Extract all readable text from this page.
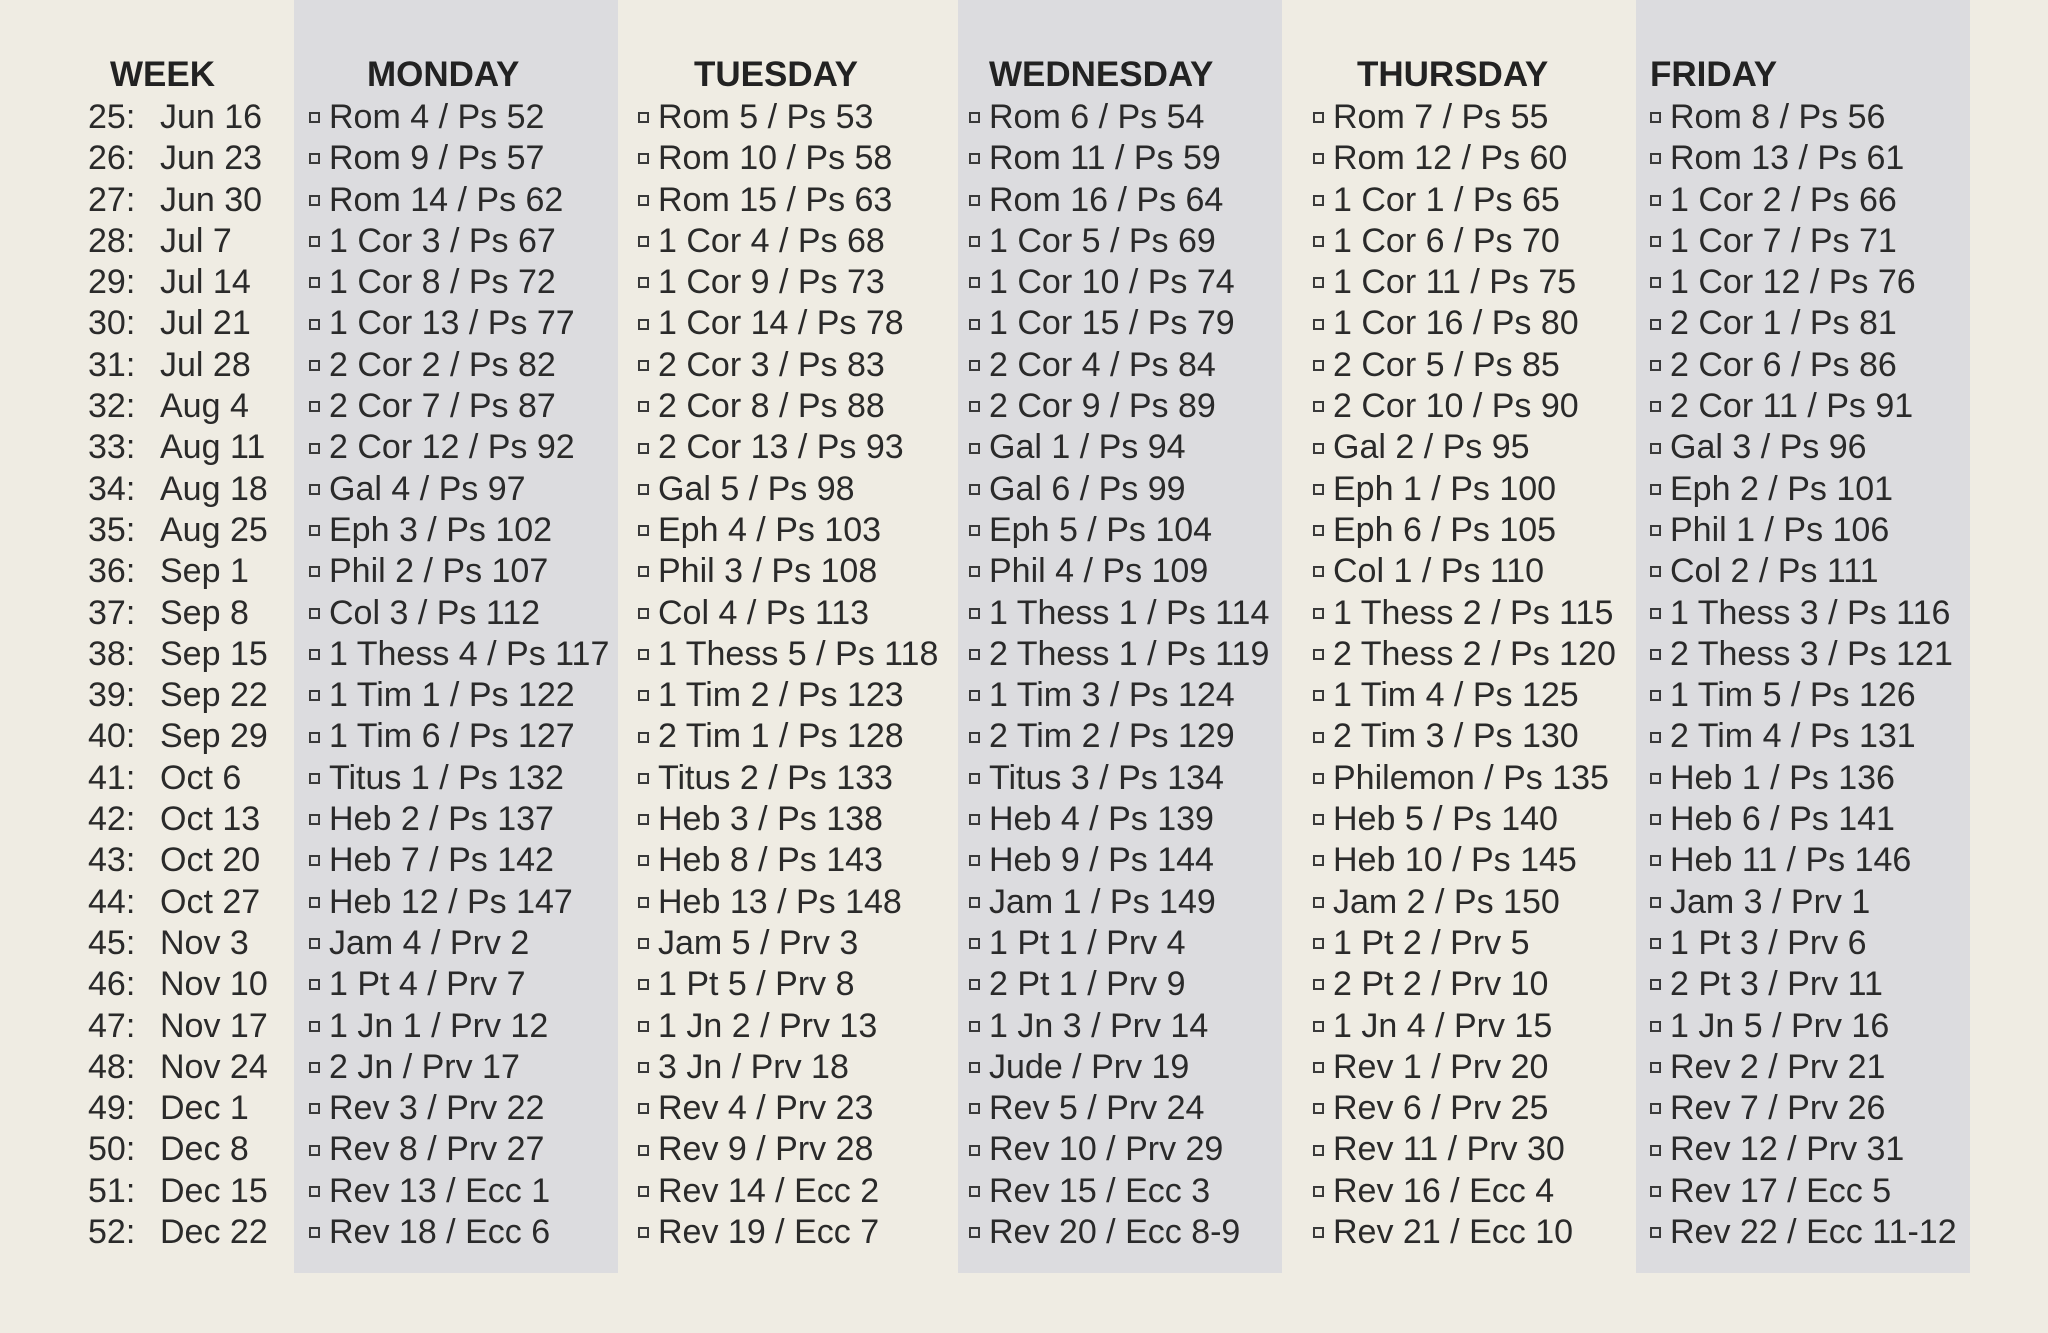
WEEK
25: Jun 16
26: Jun 23
27: Jun 30
28: Jul 7
29: Jul 14
30: Jul 21
31: Jul 28
32: Aug 4
33: Aug 11
34: Aug 18
35: Aug 25
36: Sep 1
37: Sep 8
38: Sep 15
39: Sep 22
40: Sep 29
41: Oct 6
42: Oct 13
43: Oct 20
44: Oct 27
45: Nov 3
46: Nov 10
47: Nov 17
48: Nov 24
49: Dec 1
50: Dec 8
51: Dec 15
52: Dec 22
MONDAY
Rom 4 / Ps 52
Rom 9 / Ps 57
Rom 14 / Ps 62
1 Cor 3 / Ps 67
1 Cor 8 / Ps 72
1 Cor 13 / Ps 77
2 Cor 2 / Ps 82
2 Cor 7 / Ps 87
2 Cor 12 / Ps 92
Gal 4 / Ps 97
Eph 3 / Ps 102
Phil 2 / Ps 107
Col 3 / Ps 112
1 Thess 4 / Ps 117
1 Tim 1 / Ps 122
1 Tim 6 / Ps 127
Titus 1 / Ps 132
Heb 2 / Ps 137
Heb 7 / Ps 142
Heb 12 / Ps 147
Jam 4 / Prv 2
1 Pt 4 / Prv 7
1 Jn 1 / Prv 12
2 Jn / Prv 17
Rev 3 / Prv 22
Rev 8 / Prv 27
Rev 13 / Ecc 1
Rev 18 / Ecc 6
TUESDAY
Rom 5 / Ps 53
Rom 10 / Ps 58
Rom 15 / Ps 63
1 Cor 4 / Ps 68
1 Cor 9 / Ps 73
1 Cor 14 / Ps 78
2 Cor 3 / Ps 83
2 Cor 8 / Ps 88
2 Cor 13 / Ps 93
Gal 5 / Ps 98
Eph 4 / Ps 103
Phil 3 / Ps 108
Col 4 / Ps 113
1 Thess 5 / Ps 118
1 Tim 2 / Ps 123
2 Tim 1 / Ps 128
Titus 2 / Ps 133
Heb 3 / Ps 138
Heb 8 / Ps 143
Heb 13 / Ps 148
Jam 5 / Prv 3
1 Pt 5 / Prv 8
1 Jn 2 / Prv 13
3 Jn / Prv 18
Rev 4 / Prv 23
Rev 9 / Prv 28
Rev 14 / Ecc 2
Rev 19 / Ecc 7
WEDNESDAY
Rom 6 / Ps 54
Rom 11 / Ps 59
Rom 16 / Ps 64
1 Cor 5 / Ps 69
1 Cor 10 / Ps 74
1 Cor 15 / Ps 79
2 Cor 4 / Ps 84
2 Cor 9 / Ps 89
Gal 1 / Ps 94
Gal 6 / Ps 99
Eph 5 / Ps 104
Phil 4 / Ps 109
1 Thess 1 / Ps 114
2 Thess 1 / Ps 119
1 Tim 3 / Ps 124
2 Tim 2 / Ps 129
Titus 3 / Ps 134
Heb 4 / Ps 139
Heb 9 / Ps 144
Jam 1 / Ps 149
1 Pt 1 / Prv 4
2 Pt 1 / Prv 9
1 Jn 3 / Prv 14
Jude / Prv 19
Rev 5 / Prv 24
Rev 10 / Prv 29
Rev 15 / Ecc 3
Rev 20 / Ecc 8-9
THURSDAY
Rom 7 / Ps 55
Rom 12 / Ps 60
1 Cor 1 / Ps 65
1 Cor 6 / Ps 70
1 Cor 11 / Ps 75
1 Cor 16 / Ps 80
2 Cor 5 / Ps 85
2 Cor 10 / Ps 90
Gal 2 / Ps 95
Eph 1 / Ps 100
Eph 6 / Ps 105
Col 1 / Ps 110
1 Thess 2 / Ps 115
2 Thess 2 / Ps 120
1 Tim 4 / Ps 125
2 Tim 3 / Ps 130
Philemon / Ps 135
Heb 5 / Ps 140
Heb 10 / Ps 145
Jam 2 / Ps 150
1 Pt 2 / Prv 5
2 Pt 2 / Prv 10
1 Jn 4 / Prv 15
Rev 1 / Prv 20
Rev 6 / Prv 25
Rev 11 / Prv 30
Rev 16 / Ecc 4
Rev 21 / Ecc 10
FRIDAY
Rom 8 / Ps 56
Rom 13 / Ps 61
1 Cor 2 / Ps 66
1 Cor 7 / Ps 71
1 Cor 12 / Ps 76
2 Cor 1 / Ps 81
2 Cor 6 / Ps 86
2 Cor 11 / Ps 91
Gal 3 / Ps 96
Eph 2 / Ps 101
Phil 1 / Ps 106
Col 2 / Ps 111
1 Thess 3 / Ps 116
2 Thess 3 / Ps 121
1 Tim 5 / Ps 126
2 Tim 4 / Ps 131
Heb 1 / Ps 136
Heb 6 / Ps 141
Heb 11 / Ps 146
Jam 3 / Prv 1
1 Pt 3 / Prv 6
2 Pt 3 / Prv 11
1 Jn 5 / Prv 16
Rev 2 / Prv 21
Rev 7 / Prv 26
Rev 12 / Prv 31
Rev 17 / Ecc 5
Rev 22 / Ecc 11-12
